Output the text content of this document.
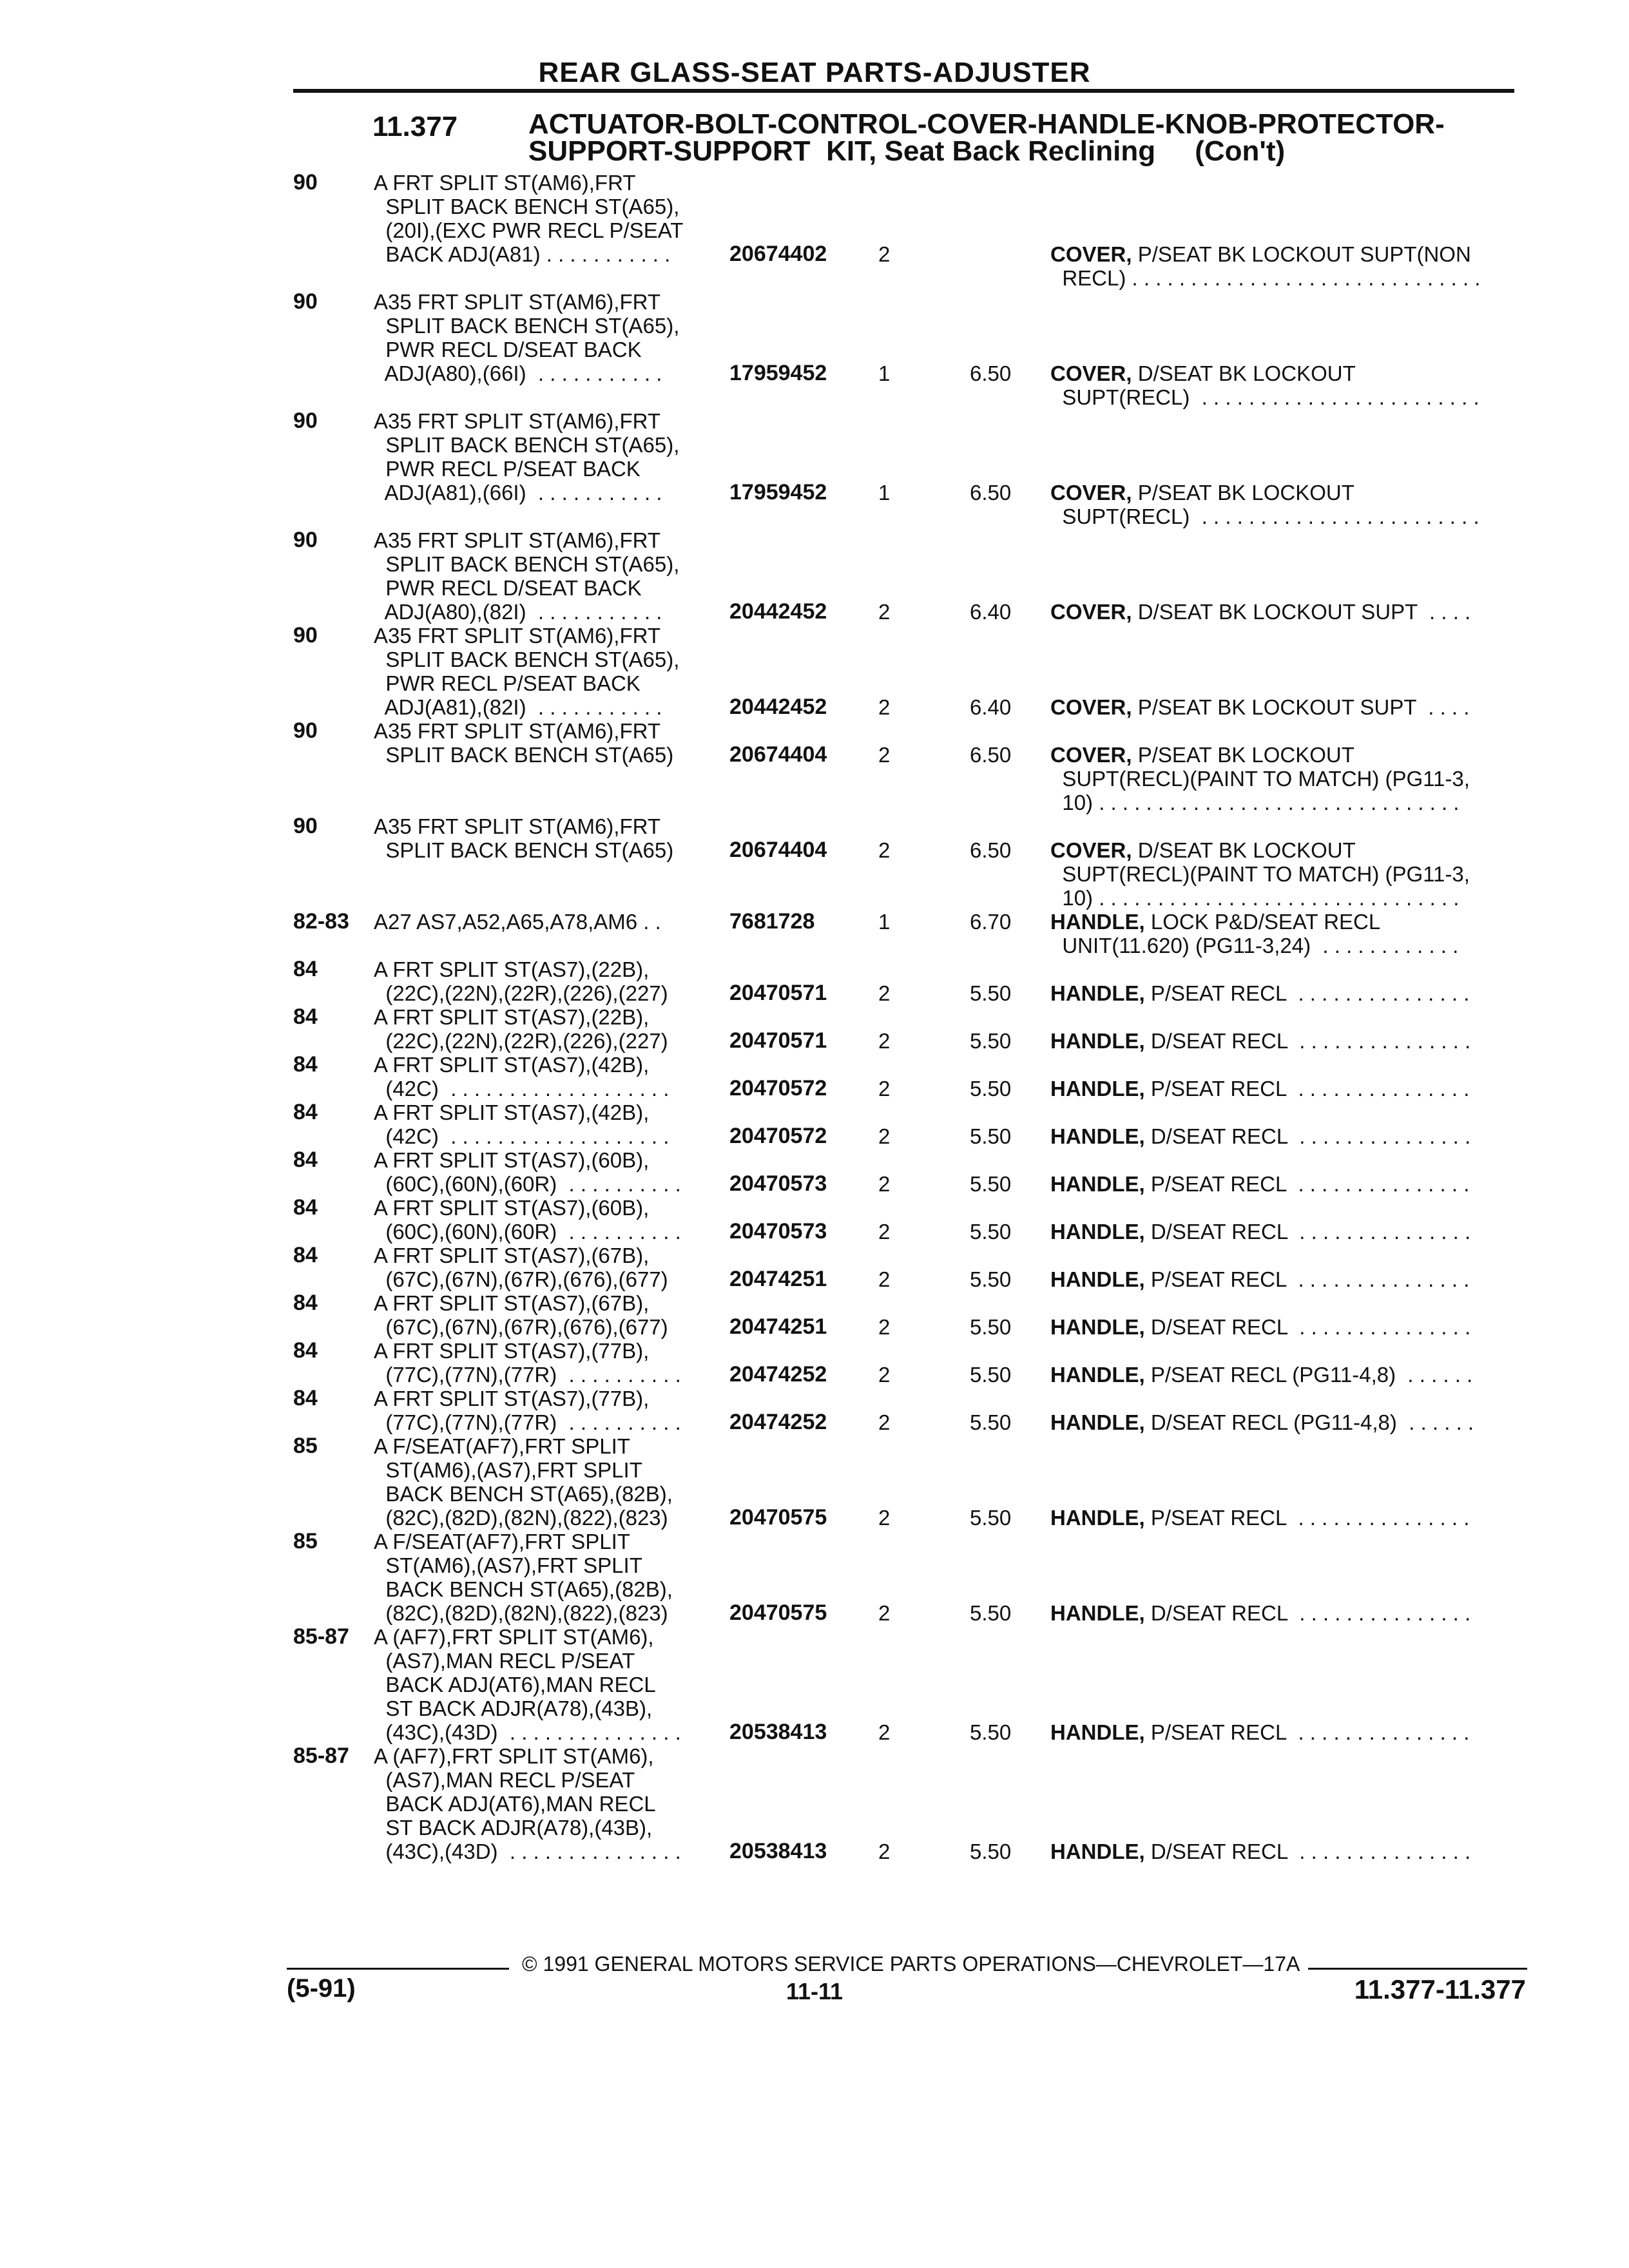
REAR GLASS-SEAT PARTS-ADJUSTER
11.377 ACTUATOR-BOLT-CONTROL-COVER-HANDLE-KNOB-PROTECTOR-
SUPPORT-SUPPORT  KIT, Seat Back Reclining     (Con't)
90	A FRT SPLIT ST(AM6),FRT
SPLIT BACK BENCH ST(A65),
(20I),(EXC PWR RECL P/SEAT
BACK ADJ(A81) . . . . . . . . . . .	20674402 2	COVER, P/SEAT BK LOCKOUT SUPT(NON
RECL) . . . . . . . . . . . . . . . . . . . . . . . . . . . . . .
90	A35 FRT SPLIT ST(AM6),FRT
SPLIT BACK BENCH ST(A65),
PWR RECL D/SEAT BACK
ADJ(A80),(66I)  . . . . . . . . . . .	17959452 1	6.50 COVER, D/SEAT BK LOCKOUT
SUPT(RECL)  . . . . . . . . . . . . . . . . . . . . . . . .
90	A35 FRT SPLIT ST(AM6),FRT
SPLIT BACK BENCH ST(A65),
PWR RECL P/SEAT BACK
ADJ(A81),(66I)  . . . . . . . . . . .	17959452 1	6.50 COVER, P/SEAT BK LOCKOUT
SUPT(RECL)  . . . . . . . . . . . . . . . . . . . . . . . .
90	A35 FRT SPLIT ST(AM6),FRT
SPLIT BACK BENCH ST(A65),
PWR RECL D/SEAT BACK
ADJ(A80),(82I)  . . . . . . . . . . .	20442452 2	6.40 COVER, D/SEAT BK LOCKOUT SUPT  . . . .
90	A35 FRT SPLIT ST(AM6),FRT
SPLIT BACK BENCH ST(A65),
PWR RECL P/SEAT BACK
ADJ(A81),(82I)  . . . . . . . . . . .	20442452 2	6.40 COVER, P/SEAT BK LOCKOUT SUPT  . . . .
90	A35 FRT SPLIT ST(AM6),FRT
SPLIT BACK BENCH ST(A65)	20674404 2	6.50 COVER, P/SEAT BK LOCKOUT
SUPT(RECL)(PAINT TO MATCH) (PG11-3,
10) . . . . . . . . . . . . . . . . . . . . . . . . . . . . . . .
90	A35 FRT SPLIT ST(AM6),FRT
SPLIT BACK BENCH ST(A65)	20674404 2	6.50 COVER, D/SEAT BK LOCKOUT
SUPT(RECL)(PAINT TO MATCH) (PG11-3,
10) . . . . . . . . . . . . . . . . . . . . . . . . . . . . . . .
82-83 A27 AS7,A52,A65,A78,AM6 . .	7681728	1	6.70 HANDLE, LOCK P&D/SEAT RECL
UNIT(11.620) (PG11-3,24)  . . . . . . . . . . . .
84	A FRT SPLIT ST(AS7),(22B),
(22C),(22N),(22R),(226),(227)	20470571 2	5.50 HANDLE, P/SEAT RECL  . . . . . . . . . . . . . . .
84	A FRT SPLIT ST(AS7),(22B),
(22C),(22N),(22R),(226),(227)	20470571 2	5.50 HANDLE, D/SEAT RECL  . . . . . . . . . . . . . . .
84	A FRT SPLIT ST(AS7),(42B),
(42C)  . . . . . . . . . . . . . . . . . . .	20470572 2	5.50 HANDLE, P/SEAT RECL  . . . . . . . . . . . . . . .
84	A FRT SPLIT ST(AS7),(42B),
(42C)  . . . . . . . . . . . . . . . . . . .	20470572 2	5.50 HANDLE, D/SEAT RECL  . . . . . . . . . . . . . . .
84	A FRT SPLIT ST(AS7),(60B),
(60C),(60N),(60R)  . . . . . . . . . . 20470573 2	5.50 HANDLE, P/SEAT RECL  . . . . . . . . . . . . . . .
84	A FRT SPLIT ST(AS7),(60B),
(60C),(60N),(60R)  . . . . . . . . . . 20470573 2	5.50 HANDLE, D/SEAT RECL  . . . . . . . . . . . . . . .
84	A FRT SPLIT ST(AS7),(67B),
(67C),(67N),(67R),(676),(677)	20474251 2	5.50 HANDLE, P/SEAT RECL  . . . . . . . . . . . . . . .
84	A FRT SPLIT ST(AS7),(67B),
(67C),(67N),(67R),(676),(677)	20474251 2	5.50 HANDLE, D/SEAT RECL  . . . . . . . . . . . . . . .
84	A FRT SPLIT ST(AS7),(77B),
(77C),(77N),(77R)  . . . . . . . . . . 20474252 2	5.50 HANDLE, P/SEAT RECL (PG11-4,8)  . . . . . .
84	A FRT SPLIT ST(AS7),(77B),
(77C),(77N),(77R)  . . . . . . . . . . 20474252 2	5.50 HANDLE, D/SEAT RECL (PG11-4,8)  . . . . . .
85	A F/SEAT(AF7),FRT SPLIT
ST(AM6),(AS7),FRT SPLIT
BACK BENCH ST(A65),(82B),
(82C),(82D),(82N),(822),(823)	20470575 2	5.50 HANDLE, P/SEAT RECL  . . . . . . . . . . . . . . .
85	A F/SEAT(AF7),FRT SPLIT
ST(AM6),(AS7),FRT SPLIT
BACK BENCH ST(A65),(82B),
(82C),(82D),(82N),(822),(823)	20470575 2	5.50 HANDLE, D/SEAT RECL  . . . . . . . . . . . . . . .
85-87 A (AF7),FRT SPLIT ST(AM6),
(AS7),MAN RECL P/SEAT
BACK ADJ(AT6),MAN RECL
ST BACK ADJR(A78),(43B),
(43C),(43D)  . . . . . . . . . . . . . . . 20538413 2	5.50 HANDLE, P/SEAT RECL  . . . . . . . . . . . . . . .
85-87 A (AF7),FRT SPLIT ST(AM6),
(AS7),MAN RECL P/SEAT
BACK ADJ(AT6),MAN RECL
ST BACK ADJR(A78),(43B),
(43C),(43D)  . . . . . . . . . . . . . . . 20538413 2	5.50 HANDLE, D/SEAT RECL  . . . . . . . . . . . . . . .
© 1991 GENERAL MOTORS SERVICE PARTS OPERATIONS—CHEVROLET—17A
(5-91)	11-11	11.377-11.377
